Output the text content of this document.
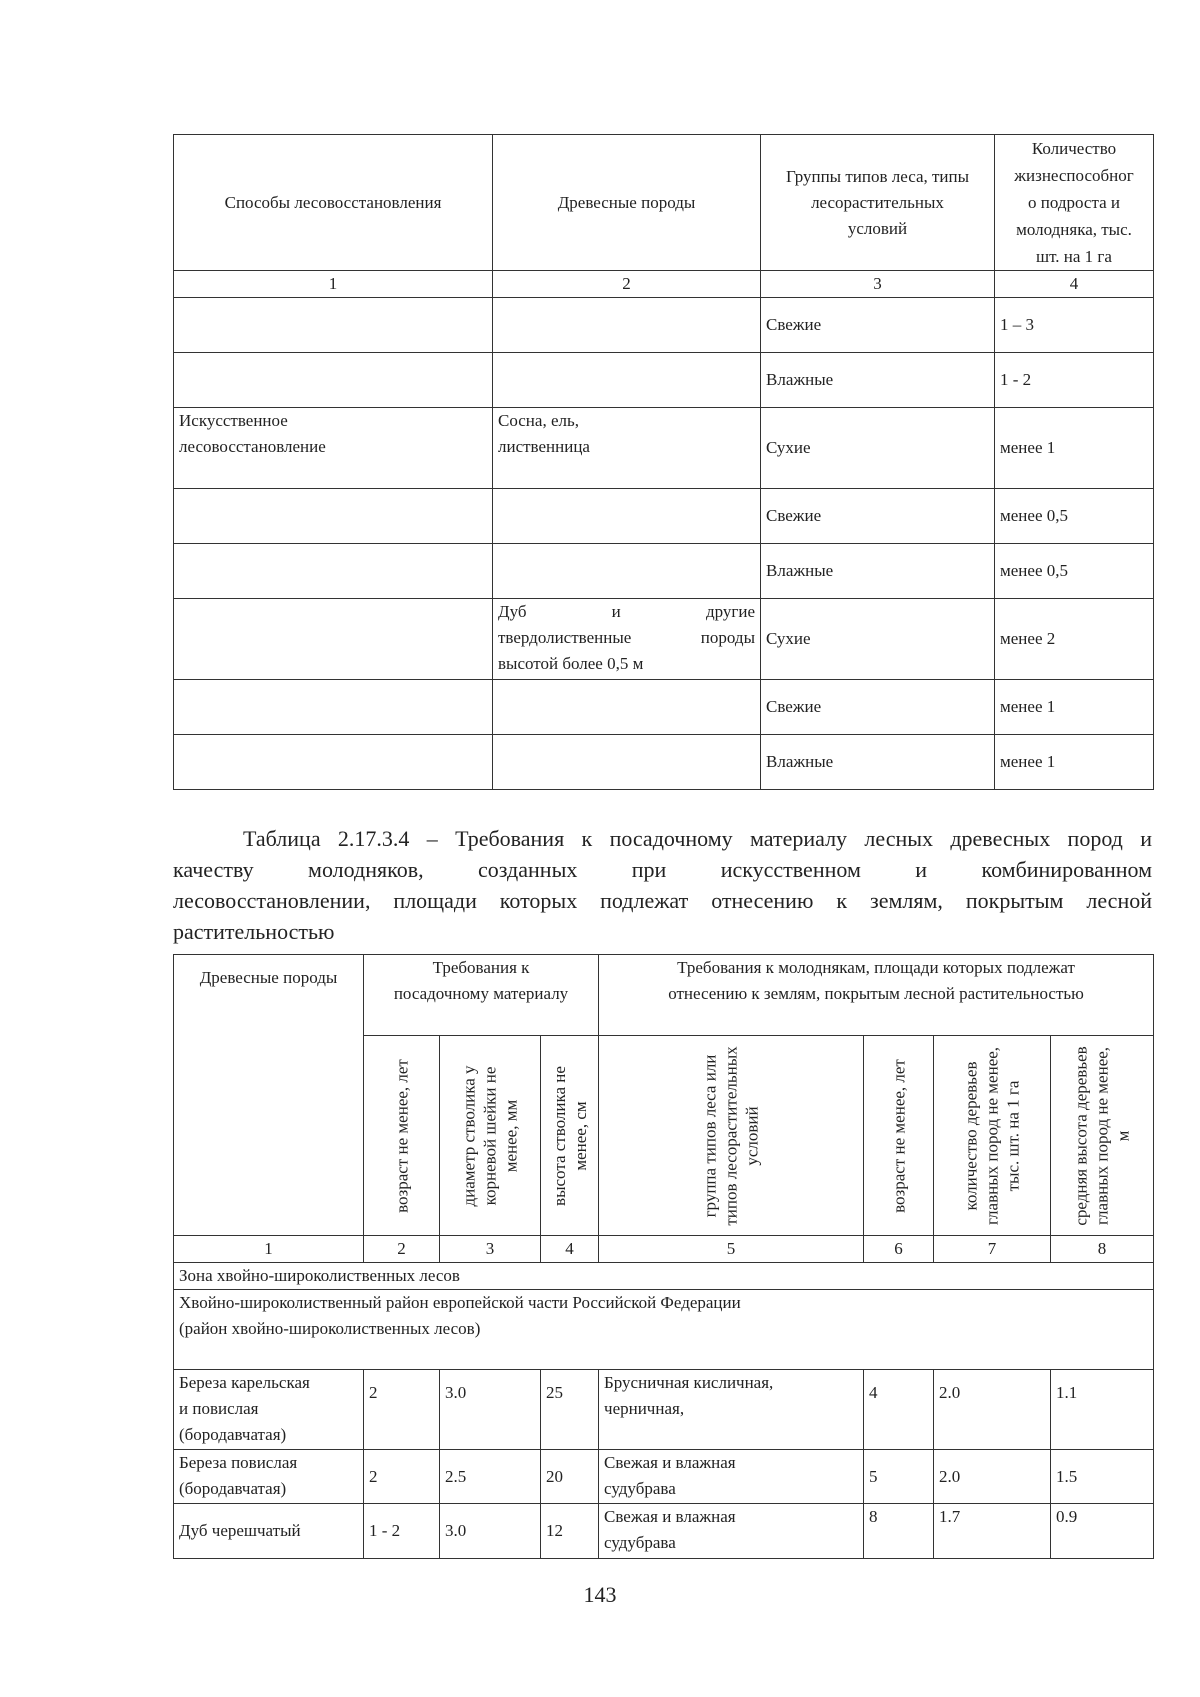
Способы лесовосстановления	Древесные породы	Группы типов леса, типы
лесорастительных
условий	Количество
жизнеспособног
о подроста и
молодняка, тыс.
шт. на 1 га
1	2	3	4
		Свежие	1 – 3
		Влажные	1 - 2
Искусственное
лесовосстановление	Сосна, ель,
лиственница	Сухие	менее 1
		Свежие	менее 0,5
		Влажные	менее 0,5

	Дуб и другие
твердолиственные породы
высотой более 0,5 м	Сухие	менее 2
		Свежие	менее 1
		Влажные	менее 1
Таблица 2.17.3.4 – Требования к посадочному материалу лесных древесных пород и
качеству молодняков, созданных при искусственном и комбинированном
лесовосстановлении, площади которых подлежат отнесению к землям, покрытым лесной
растительностью
Древесные породы	Требования к
посадочному материалу			Требования к молоднякам, площади которых подлежат
отнесению к землям, покрытым лесной растительностью			

	возраст не менее, лет	диаметр стволика у корневой шейки не менее, мм	высота стволика не менее, см	группа типов леса или типов лесорастительных условий	возраст не менее, лет	количество деревьев главных пород не менее, тыс. шт. на 1 га	средняя высота деревьев главных пород не менее, м

1	2	3	4	5	6	7	8
Зона хвойно-широколиственных лесов							
Хвойно-широколиственный район европейской части Российской Федерации
(район хвойно-широколиственных лесов)							
Береза карельская
и повислая
(бородавчатая)	2	3.0	25	Брусничная кисличная,
черничная,	4	2.0	1.1
Береза повислая
(бородавчатая)	2	2.5	20	Свежая и влажная
судубрава	5	2.0	1.5
Дуб черешчатый	1 - 2	3.0	12	Свежая и влажная
судубрава	8	1.7	0.9
143
